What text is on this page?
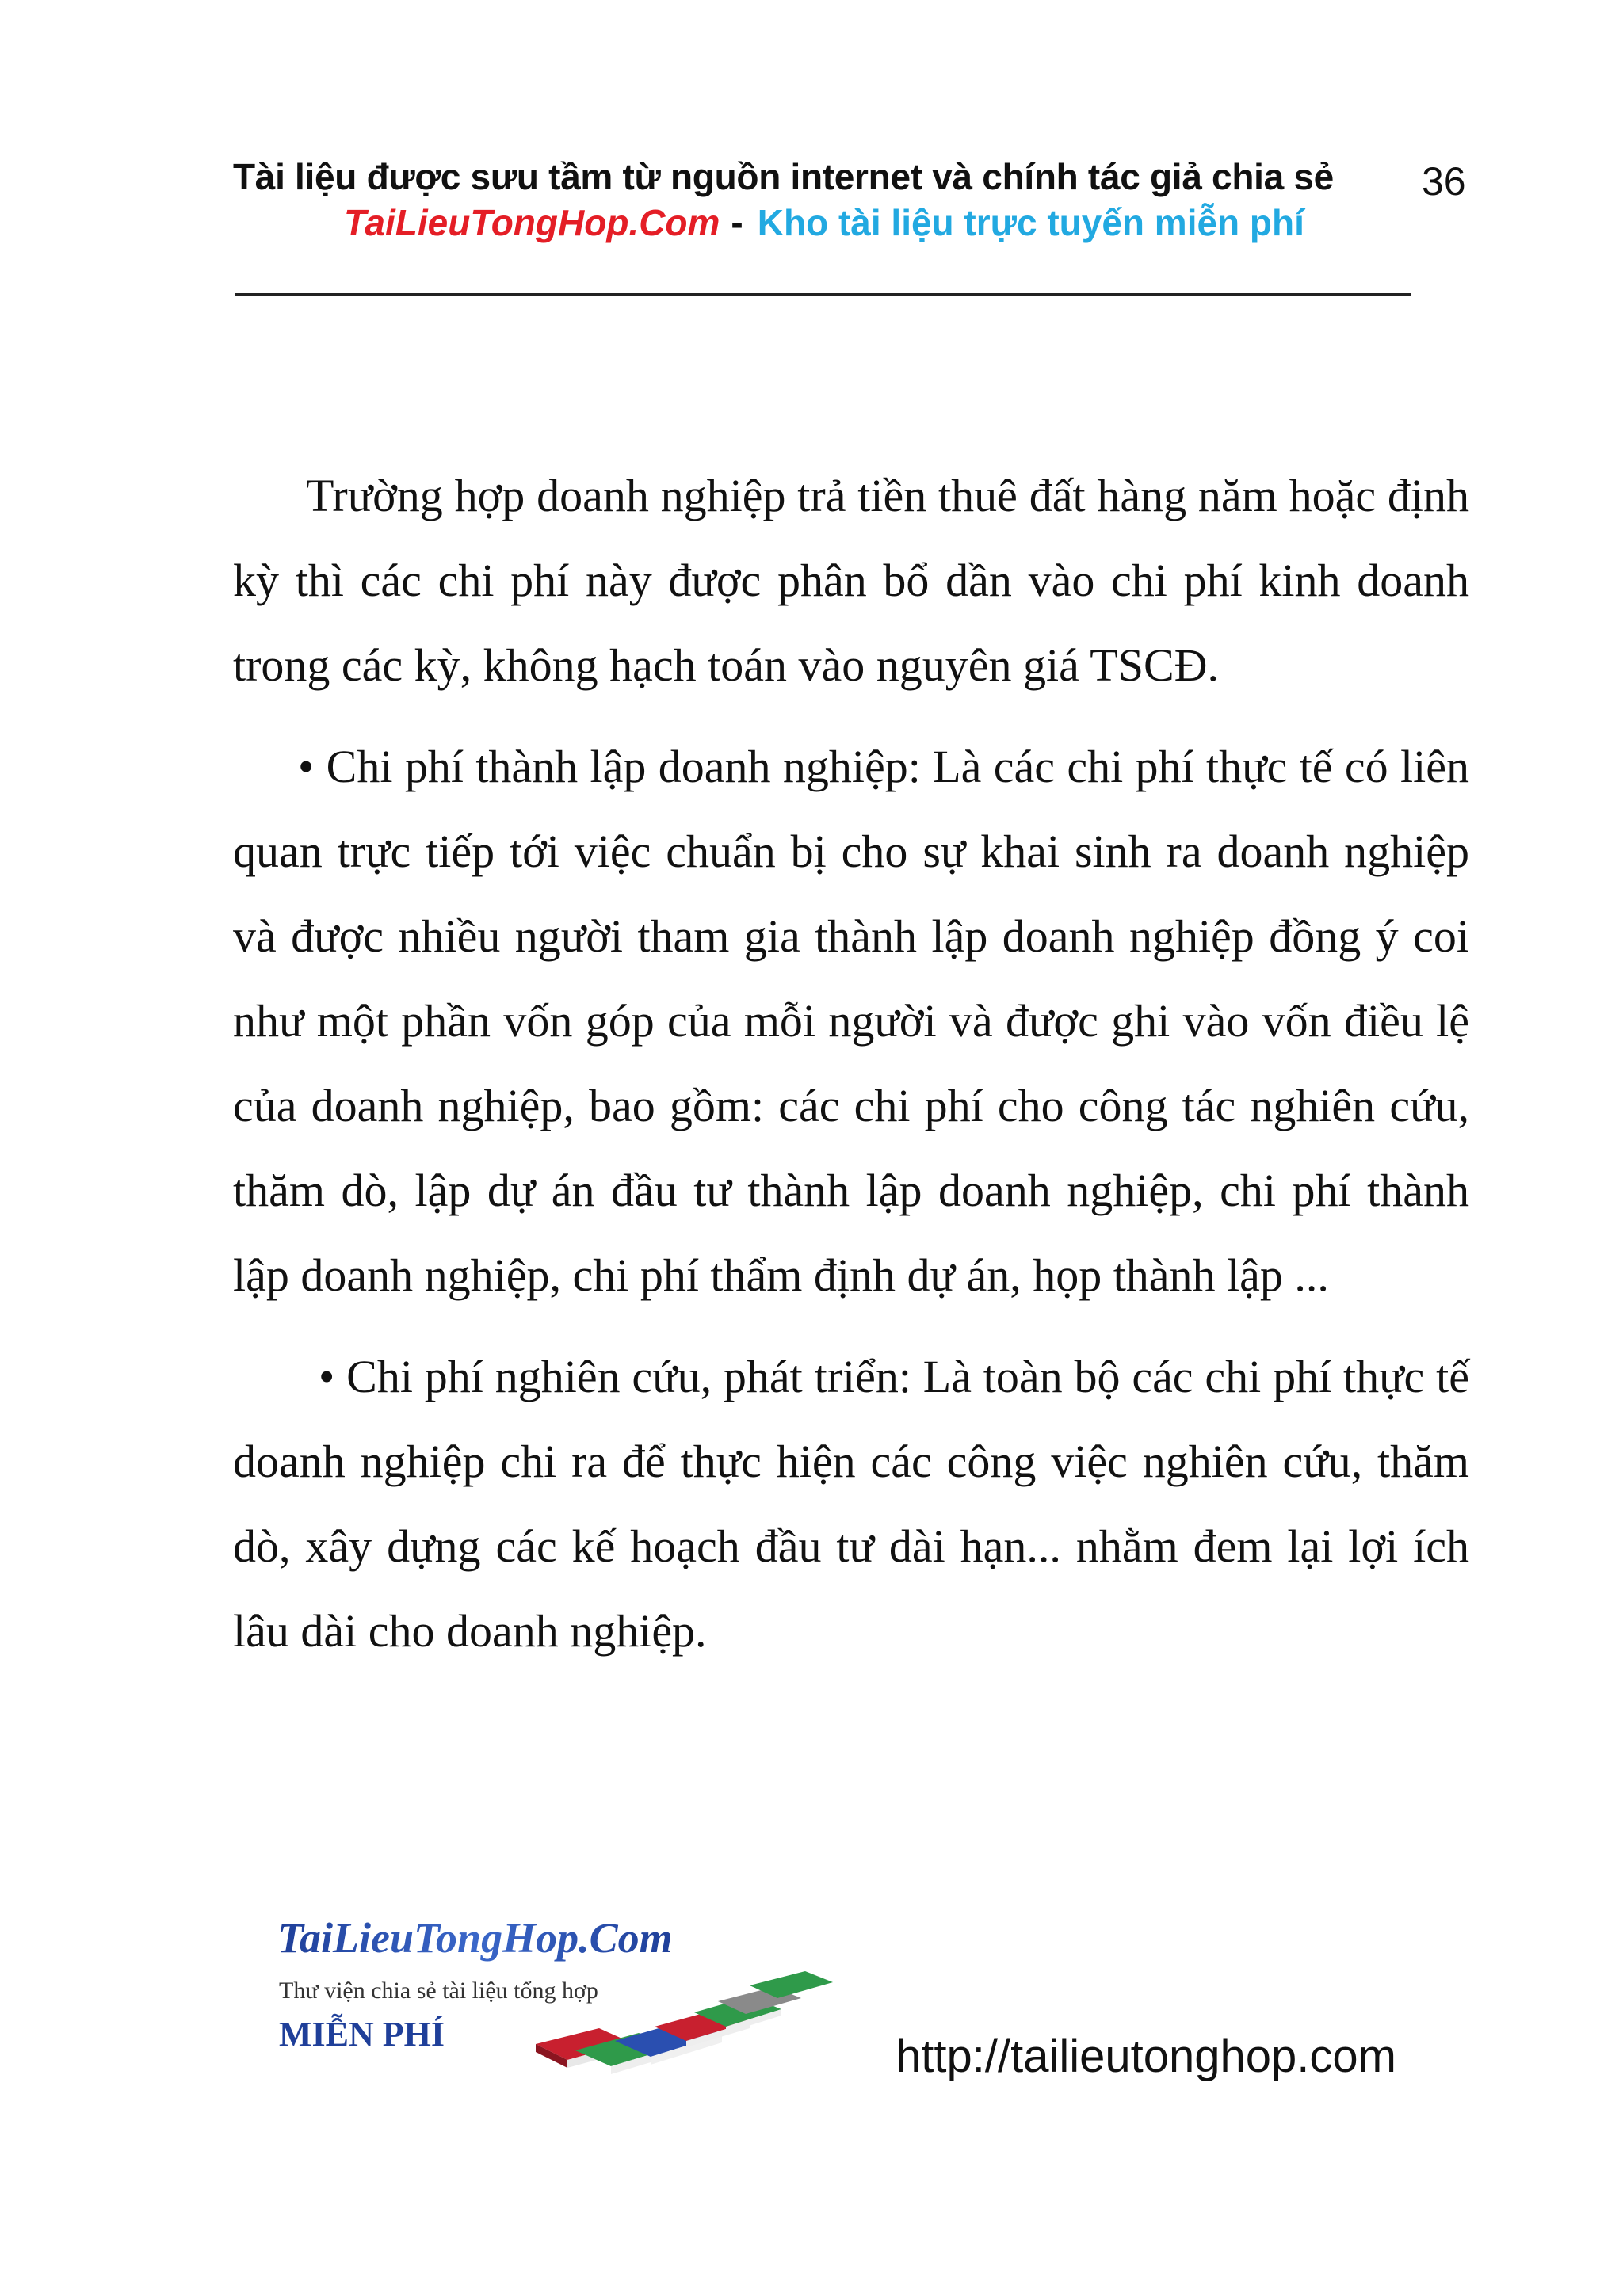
Tài liệu được sưu tầm từ nguồn internet và chính tác giả chia sẻ 36
TaiLieuTongHop.Com - Kho tài liệu trực tuyến miễn phí

Trường hợp doanh nghiệp trả tiền thuê đất hàng năm hoặc định kỳ thì các chi phí này được phân bổ dần vào chi phí kinh doanh trong các kỳ, không hạch toán vào nguyên giá TSCĐ.

• Chi phí thành lập doanh nghiệp: Là các chi phí thực tế có liên quan trực tiếp tới việc chuẩn bị cho sự khai sinh ra doanh nghiệp và được nhiều người tham gia thành lập doanh nghiệp đồng ý coi như một phần vốn góp của mỗi người và được ghi vào vốn điều lệ của doanh nghiệp, bao gồm: các chi phí cho công tác nghiên cứu, thăm dò, lập dự án đầu tư thành lập doanh nghiệp, chi phí thành lập doanh nghiệp, chi phí thẩm định dự án, họp thành lập ...

• Chi phí nghiên cứu, phát triển: Là toàn bộ các chi phí thực tế doanh nghiệp chi ra để thực hiện các công việc nghiên cứu, thăm dò, xây dựng các kế hoạch đầu tư dài hạn... nhằm đem lại lợi ích lâu dài cho doanh nghiệp.

TaiLieuTongHop.Com
Thư viện chia sẻ tài liệu tổng hợp
MIỄN PHÍ	http://tailieutonghop.com
